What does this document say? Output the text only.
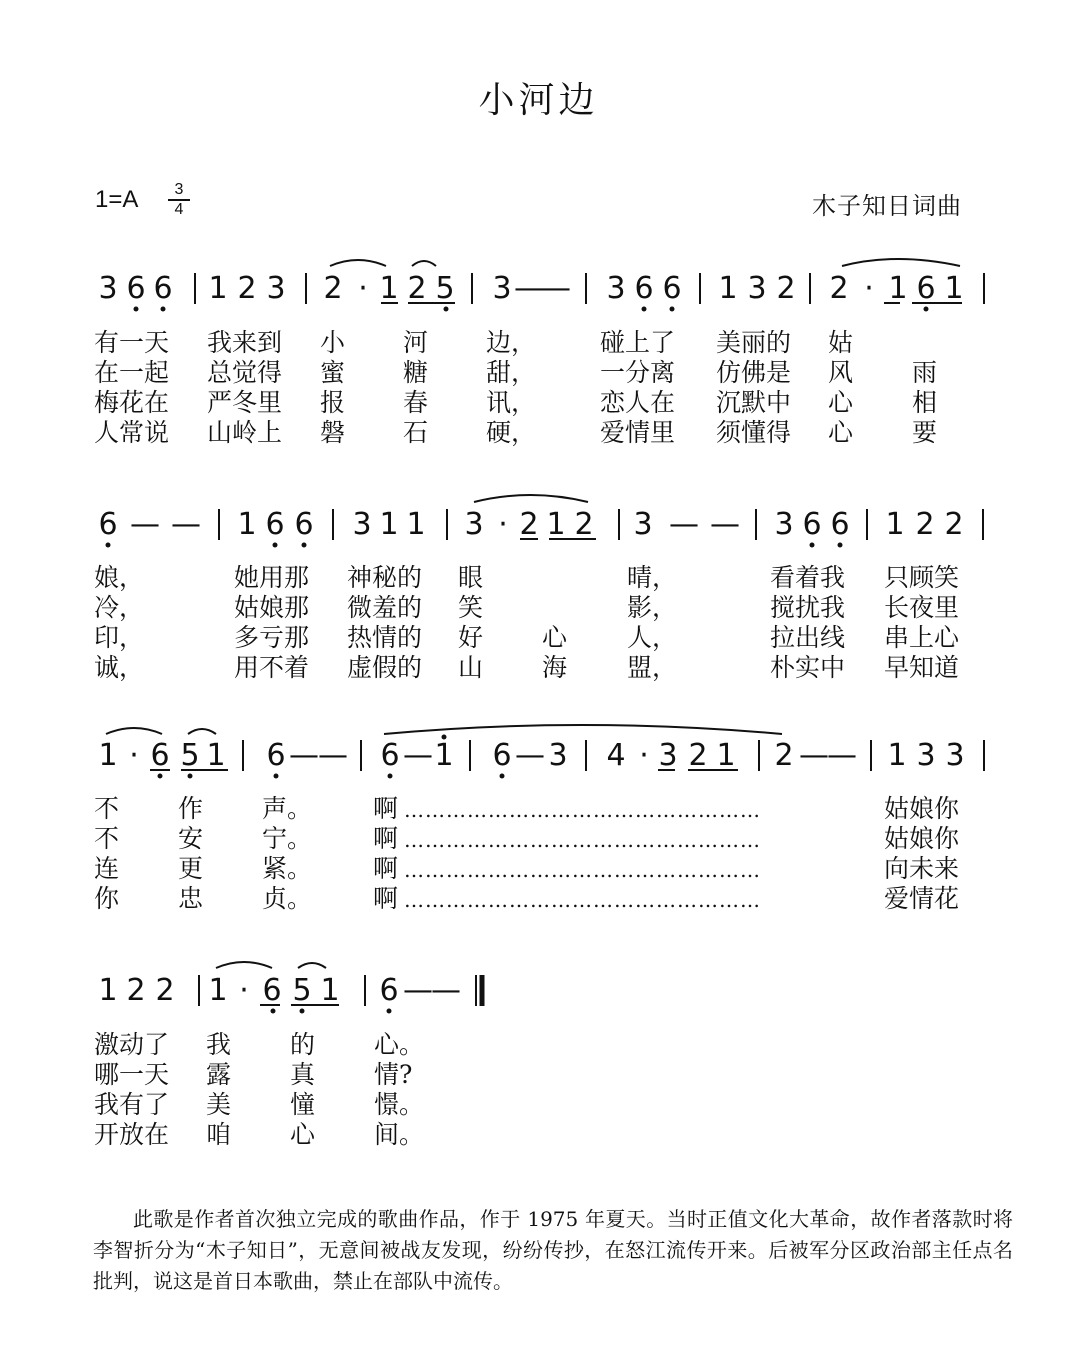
小河边
$1=A \frac{3}{4}$	木子知日词曲
3 6 6 1 2 3 2 · 1 2 5 3 —
— 3 6 6 1 3 2 2 · 1 6 1
6 — — 1 6 6 3 1 1 3 · 2 1 2 3 — — 3 6 6 1 2 2
1 · 6 5 1 6 — — 6 — 1 6 — 3 4 · 3 2 1 2 —
— 1 3 3
1 2 2 1 · 6 5 1 6 —
—
有一天 我来到 小 河 边，	碰上了 美丽的 姑
在一起 总觉得 蜜 糖 甜，	一分离 仿佛是 风 雨
梅花在 严冬里 报 春 讯，	恋人在 沉默中 心 相
人常说 山岭上 磐 石 硬，	爱情里 须懂得 心 要
娘，	她用那 神秘的 眼	晴，	看着我 只顾笑
冷，	姑娘那 微羞的 笑	影，	搅扰我 长夜里
印，	多亏那 热情的 好 心 人，	拉出线 串上心
诚，	用不着 虚假的 山 海 盟，	朴实中 早知道
不 作 声。 啊	姑娘你
……………………………………………
不 安 宁。 啊	姑娘你
……………………………………………
连 更 紧。 啊	向未来
……………………………………………
你 忠 贞。 啊	爱情花
……………………………………………
激动了 我 的 心。
哪一天 露 真 情?
我有了 美 憧 憬。
开放在 咱 心 间。
此歌是作者首次独立完成的歌曲作品，作于 1975 年夏天。当时正值文化大革命，故作者落款时将李智折分为“木子知日”，无意间被战友发现，纷纷传抄，在怒江流传开来。后被军分区政治部主任点名批判，说这是首日本歌曲，禁止在部队中流传。
